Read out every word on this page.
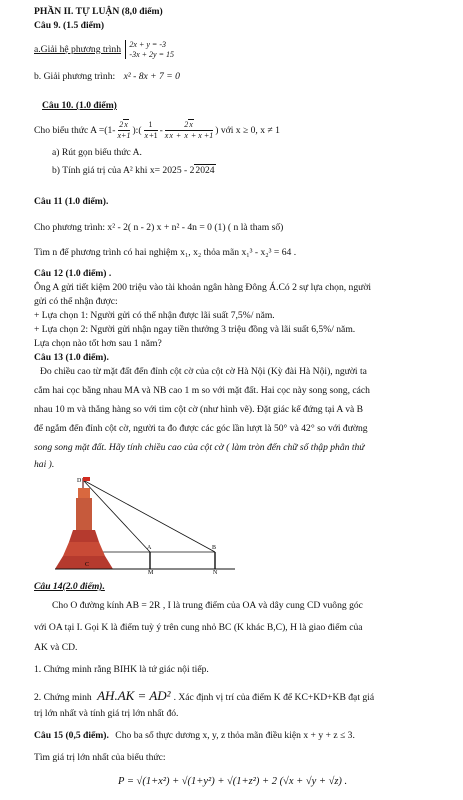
PHẦN II. TỰ LUẬN (8,0 điểm)
Câu 9. (1.5 điểm)
a.Giải hệ phương trình 2x + y = -3
-3x + 2y = 15
b. Giải phương trình: x² - 8x + 7 = 0
Câu 10. (1.0 điểm)
Cho biểu thức A =(1- 2x
x+1 ):( 1
x+1 -	2x
xx + x + x +1 ) với x ≥ 0, x ≠ 1
a) Rút gọn biểu thức A.
b) Tính giá trị của A² khi x= 2025 - 22024
Câu 11 (1.0 điểm).
Cho phương trình: x² - 2( n - 2) x + n² - 4n = 0 (1) ( n là tham số)
Tìm n để phương trình có hai nghiệm x₁, x₂ thỏa mãn x₁³ - x₂³ = 64 .
Câu 12 (1.0 điểm) .
Ông A gửi tiết kiệm 200 triệu vào tài khoản ngân hàng Đông Á.Có 2 sự lựa chọn, người
gửi có thể nhận được:
+ Lựa chọn 1: Người gửi có thể nhận được lãi suất 7,5%/ năm.
+ Lựa chọn 2: Người gửi nhận ngay tiền thưởng 3 triệu đồng và lãi suất 6,5%/ năm.
Lựa chọn nào tốt hơn sau 1 năm?
Câu 13 (1.0 điểm).
Đo chiều cao từ mặt đất đến đỉnh cột cờ của cột cờ Hà Nội (Kỳ đài Hà Nội), người ta
cắm hai cọc bằng nhau MA và NB cao 1 m so với mặt đất. Hai cọc này song song, cách
nhau 10 m và thẳng hàng so với tim cột cờ (như hình vẽ). Đặt giác kế đứng tại A và B
để ngắm đến đỉnh cột cờ, người ta đo được các góc lần lượt là 50° và 42° so với đường
song song mặt đất. Hãy tính chiều cao của cột cờ ( làm tròn đến chữ số thập phân thứ
hai ).
D
A	B
C
M	N
Câu 14(2.0 điểm).
Cho O đường kính AB = 2R , I là trung điểm của OA và dây cung CD vuông góc
với OA tại I. Gọi K là điểm tuỳ ý trên cung nhỏ BC (K khác B,C), H là giao điểm của
AK và CD.
1. Chứng minh rằng BIHK là tứ giác nội tiếp.
2. Chứng minh AH.AK = AD² . Xác định vị trí của điểm K để KC+KD+KB đạt giá
trị lớn nhất và tính giá trị lớn nhất đó.
Câu 15 (0,5 điểm). Cho ba số thực dương x, y, z thỏa mãn điều kiện x + y + z ≤ 3.
Tìm giá trị lớn nhất của biểu thức:
P = √(1+x²) + √(1+y²) + √(1+z²) + 2 (√x + √y + √z) .
